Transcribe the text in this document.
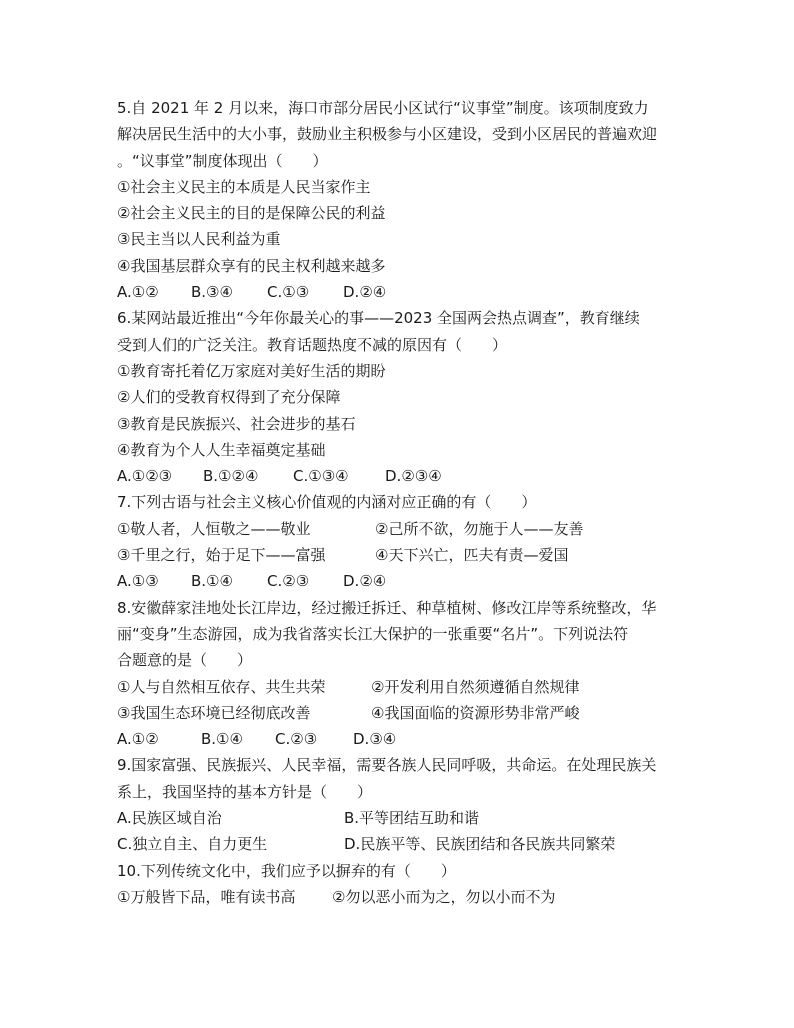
5.自 2021 年 2 月以来，海口市部分居民小区试行“议事堂”制度。该项制度致力
解决居民生活中的大小事，鼓励业主积极参与小区建设，受到小区居民的普遍欢迎
。“议事堂”制度体现出（　　）
①社会主义民主的本质是人民当家作主
②社会主义民主的目的是保障公民的利益
③民主当以人民利益为重
④我国基层群众享有的民主权利越来越多
A.①② B.③④ C.①③ D.②④
6.某网站最近推出“今年你最关心的事——2023 全国两会热点调查”，教育继续
受到人们的广泛关注。教育话题热度不减的原因有（　　）
①教育寄托着亿万家庭对美好生活的期盼
②人们的受教育权得到了充分保障
③教育是民族振兴、社会进步的基石
④教育为个人人生幸福奠定基础
A.①②③ B.①②④ C.①③④ D.②③④
7.下列古语与社会主义核心价值观的内涵对应正确的有（　　）
①敬人者，人恒敬之——敬业	②己所不欲，勿施于人——友善
③千里之行，始于足下——富强	④天下兴亡，匹夫有责—爱国
A.①③ B.①④ C.②③ D.②④
8.安徽薛家洼地处长江岸边，经过搬迁拆迁、种草植树、修改江岸等系统整改，华
丽“变身”生态游园，成为我省落实长江大保护的一张重要“名片”。下列说法符
合题意的是（　　）
①人与自然相互依存、共生共荣	②开发利用自然须遵循自然规律
③我国生态环境已经彻底改善	④我国面临的资源形势非常严峻
A.①②	B.①④ C.②③ D.③④
9.国家富强、民族振兴、人民幸福，需要各族人民同呼吸，共命运。在处理民族关
系上，我国坚持的基本方针是（　　）
A.民族区域自治	B.平等团结互助和谐
C.独立自主、自力更生	D.民族平等、民族团结和各民族共同繁荣
10.下列传统文化中，我们应予以摒弃的有（　　）
①万般皆下品，唯有读书高	②勿以恶小而为之，勿以小而不为
